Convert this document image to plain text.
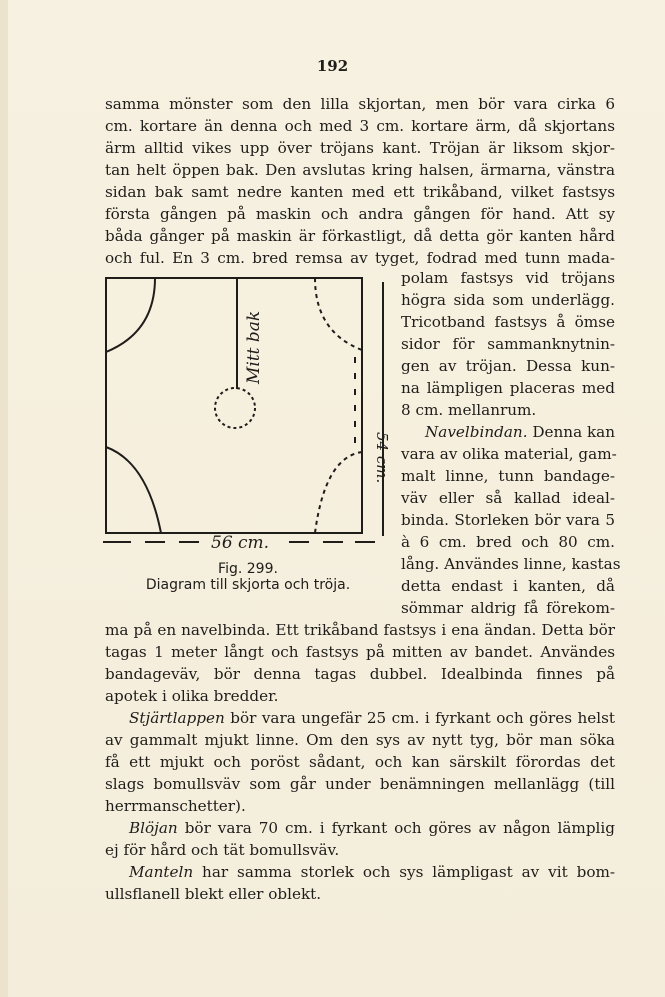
192
samma mönster som den lilla skjortan, men bör vara cirka 6
cm. kortare än denna och med 3 cm. kortare ärm, då skjortans
ärm alltid vikes upp över tröjans kant. Tröjan är liksom skjor-
tan helt öppen bak. Den avslutas kring halsen, ärmarna, vänstra
sidan bak samt nedre kanten med ett trikåband, vilket fastsys
första gången på maskin och andra gången för hand. Att sy
båda gånger på maskin är förkastligt, då detta gör kanten hård
och ful. En 3 cm. bred remsa av tyget, fodrad med tunn mada-
polam fastsys vid tröjans
högra sida som underlägg.
Tricotband fastsys å ömse
sidor för sammanknytnin-
gen av tröjan. Dessa kun-
na lämpligen placeras med
8 cm. mellanrum.
Navelbindan. Denna kan
vara av olika material, gam-
malt linne, tunn bandage-
väv eller så kallad ideal-
binda. Storleken bör vara 5
à 6 cm. bred och 80 cm.
lång. Användes linne, kastas
detta endast i kanten, då
sömmar aldrig få förekom-
Mitt bak
54 cm.
56 cm.
Fig. 299.
Diagram till skjorta och tröja.
ma på en navelbinda. Ett trikåband fastsys i ena ändan. Detta bör
tagas 1 meter långt och fastsys på mitten av bandet. Användes
bandageväv, bör denna tagas dubbel. Idealbinda finnes på
apotek i olika bredder.
Stjärtlappen bör vara ungefär 25 cm. i fyrkant och göres helst
av gammalt mjukt linne. Om den sys av nytt tyg, bör man söka
få ett mjukt och poröst sådant, och kan särskilt förordas det
slags bomullsväv som går under benämningen mellanlägg (till
herrmanschetter).
Blöjan bör vara 70 cm. i fyrkant och göres av någon lämplig
ej för hård och tät bomullsväv.
Manteln har samma storlek och sys lämpligast av vit bom-
ullsflanell blekt eller oblekt.
